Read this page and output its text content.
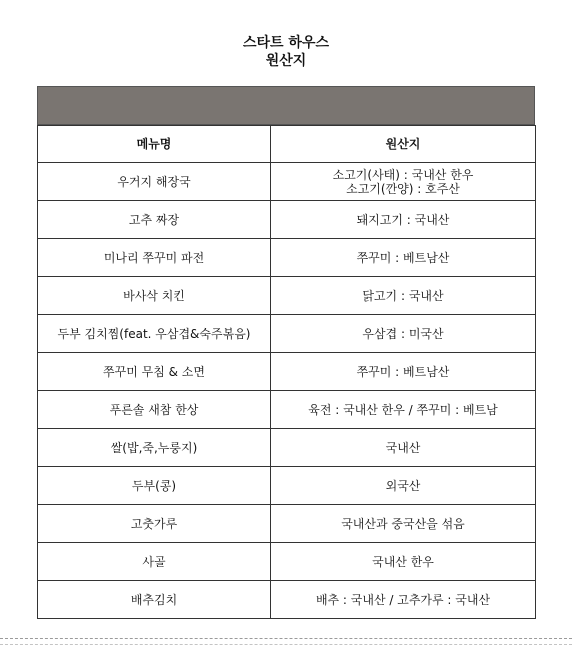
스타트 하우스
원산지
메뉴명	원산지
우거지 해장국	소고기(사태) : 국내산 한우
소고기(깐양) : 호주산

고추 짜장	돼지고기 : 국내산

미나리 쭈꾸미 파전	쭈꾸미 : 베트남산

바사삭 치킨	닭고기 : 국내산

두부 김치찜(feat. 우삼겹&숙주볶음)	우삼겹 : 미국산

쭈꾸미 무침 & 소면	쭈꾸미 : 베트남산

푸른솔 새참 한상	육전 : 국내산 한우 / 쭈꾸미 : 베트남

쌀(밥,죽,누룽지)	국내산

두부(콩)	외국산

고춧가루	국내산과 중국산을 섞음

사골	국내산 한우

배추김치	배추 : 국내산 / 고추가루 : 국내산
